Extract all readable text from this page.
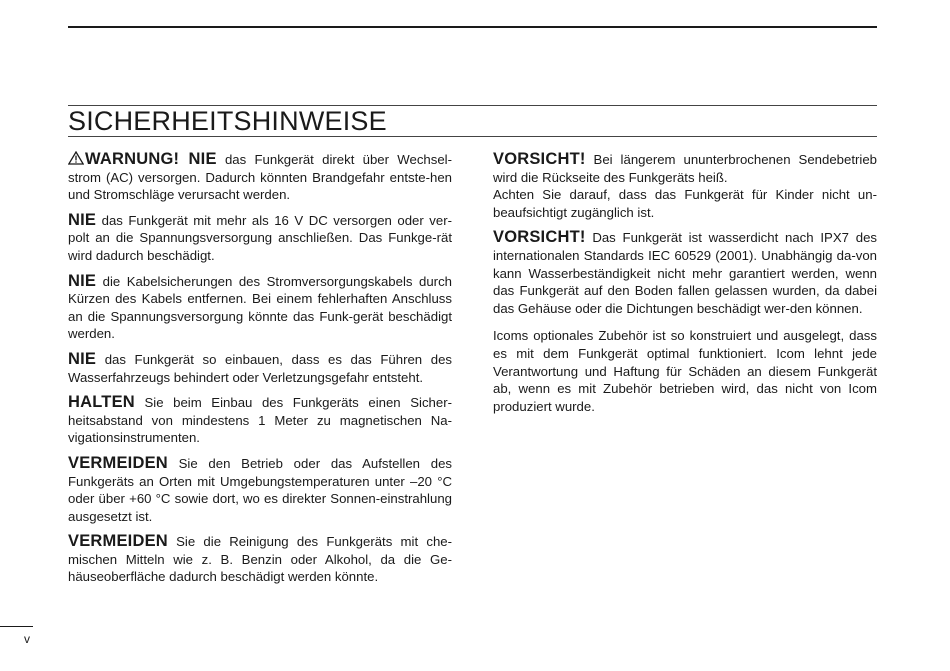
SICHERHEITSHINWEISE

WARNUNG! NIE das Funkgerät direkt über Wechsel-strom (AC) versorgen. Dadurch könnten Brandgefahr entste-hen und Stromschläge verursacht werden.

NIE das Funkgerät mit mehr als 16 V DC versorgen oder ver-polt an die Spannungsversorgung anschließen. Das Funkge-rät wird dadurch beschädigt.

NIE die Kabelsicherungen des Stromversorgungskabels durch Kürzen des Kabels entfernen. Bei einem fehlerhaften Anschluss an die Spannungsversorgung könnte das Funk-gerät beschädigt werden.

NIE das Funkgerät so einbauen, dass es das Führen des Wasserfahrzeugs behindert oder Verletzungsgefahr entsteht.

HALTEN Sie beim Einbau des Funkgeräts einen Sicher-heitsabstand von mindestens 1 Meter zu magnetischen Na-vigationsinstrumenten.

VERMEIDEN Sie den Betrieb oder das Aufstellen des Funkgeräts an Orten mit Umgebungstemperaturen unter –20 °C oder über +60 °C sowie dort, wo es direkter Sonnen-einstrahlung ausgesetzt ist.

VERMEIDEN Sie die Reinigung des Funkgeräts mit che-mischen Mitteln wie z. B. Benzin oder Alkohol, da die Ge-häuseoberfläche dadurch beschädigt werden könnte.

VORSICHT! Bei längerem ununterbrochenen Sendebetrieb wird die Rückseite des Funkgeräts heiß.

Achten Sie darauf, dass das Funkgerät für Kinder nicht un-beaufsichtigt zugänglich ist.

VORSICHT! Das Funkgerät ist wasserdicht nach IPX7 des internationalen Standards IEC 60529 (2001). Unabhängig da-von kann Wasserbeständigkeit nicht mehr garantiert werden, wenn das Funkgerät auf den Boden fallen gelassen wurden, da dabei das Gehäuse oder die Dichtungen beschädigt wer-den können.

Icoms optionales Zubehör ist so konstruiert und ausgelegt, dass es mit dem Funkgerät optimal funktioniert. Icom lehnt jede Verantwortung und Haftung für Schäden an diesem Funkgerät ab, wenn es mit Zubehör betrieben wird, das nicht von Icom produziert wurde.

v
